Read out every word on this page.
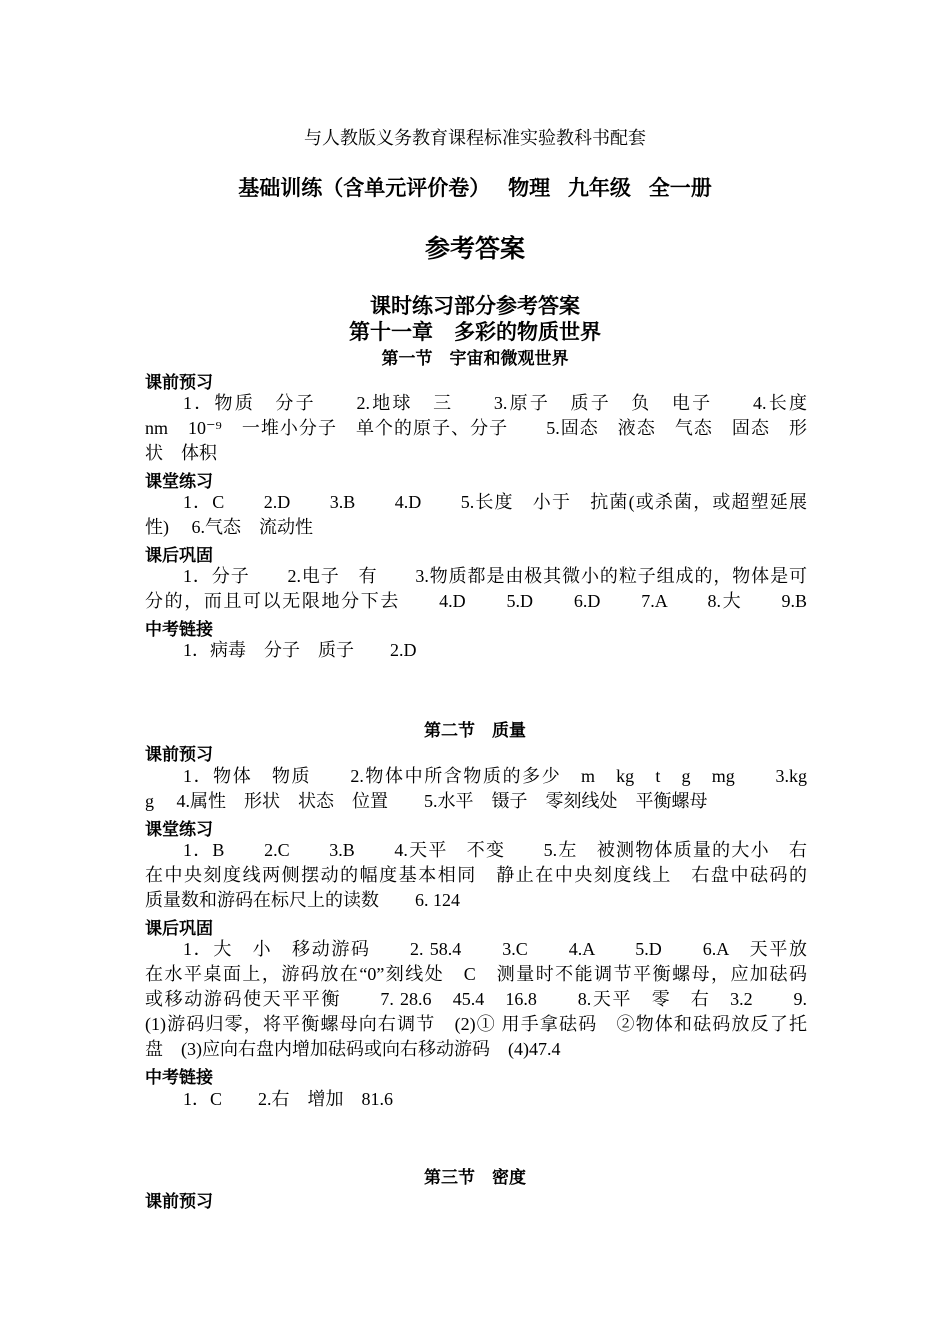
与人教版义务教育课程标准实验教科书配套
基础训练（含单元评价卷） 物理 九年级 全一册
参考答案
课时练习部分参考答案
第十一章　多彩的物质世界
第一节　宇宙和微观世界
课前预习
1．物质　分子　　2.地球　三　　3.原子　质子　负　电子　　4.长度
nm　10⁻⁹　一堆小分子　单个的原子、分子　　5.固态　液态　气态　固态　形
状　体积
课堂练习
1．C　　2.D　　3.B　　4.D　　5.长度　小于　抗菌(或杀菌，或超塑延展
性)　 6.气态　流动性
课后巩固
1．分子　　2.电子　有　　3.物质都是由极其微小的粒子组成的，物体是可
分的，而且可以无限地分下去　　4.D　　5.D　　6.D　　7.A　　8.大　　9.B
中考链接
1．病毒　分子　质子　　2.D
第二节　质量
课前预习
1．物体　物质　　2.物体中所含物质的多少　m　kg　t　g　mg　　3.kg
g　 4.属性　形状　状态　位置　　5.水平　镊子　零刻线处　平衡螺母
课堂练习
1．B　　2.C　　3.B　　4.天平　不变　　5.左　被测物体质量的大小　右
在中央刻度线两侧摆动的幅度基本相同　静止在中央刻度线上　右盘中砝码的
质量数和游码在标尺上的读数　　6. 124
课后巩固
1．大　小　移动游码　　2. 58.4　　3.C　　4.A　　5.D　　6.A　天平放
在水平桌面上，游码放在“0”刻线处　C　测量时不能调节平衡螺母，应加砝码
或移动游码使天平平衡　　7. 28.6　45.4　16.8　　8.天平　零　右　3.2　　9.
(1)游码归零，将平衡螺母向右调节　(2)① 用手拿砝码　②物体和砝码放反了托
盘　(3)应向右盘内增加砝码或向右移动游码　(4)47.4
中考链接
1．C　　2.右　增加　81.6
第三节　密度
课前预习
